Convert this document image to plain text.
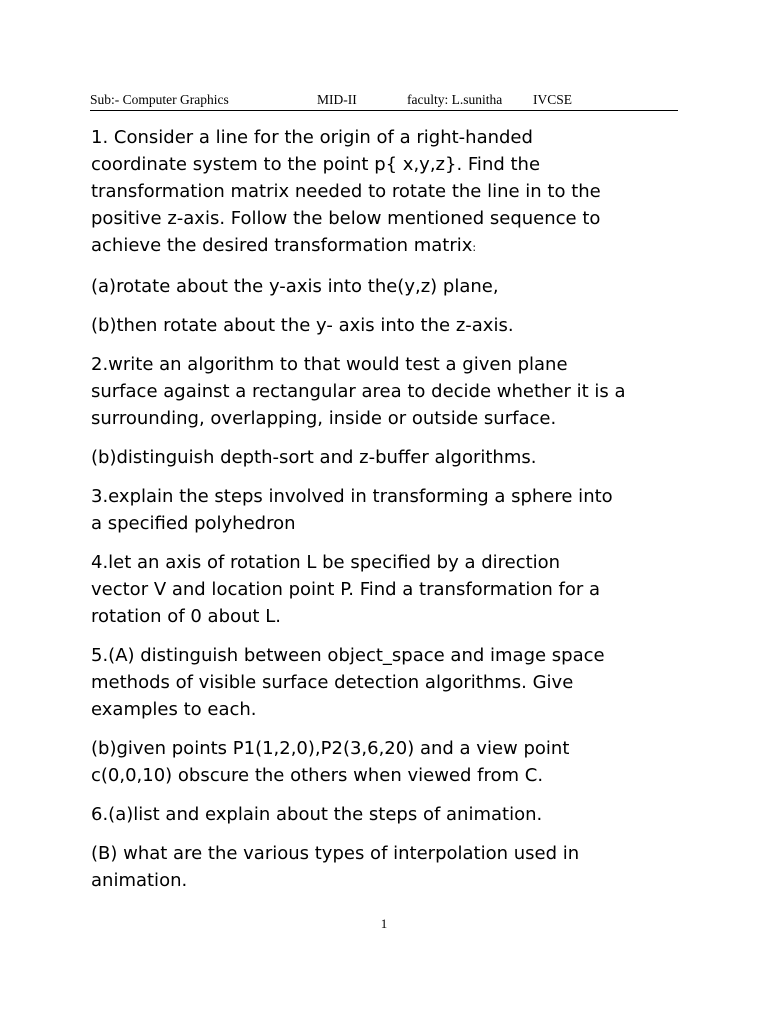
Sub:- Computer Graphics	MID-II	faculty: L.sunitha IVCSE

1. Consider a line for the origin of a right-handed
coordinate system to the point p{ x,y,z}. Find the
transformation matrix needed to rotate the line in to the
positive z-axis. Follow the below mentioned sequence to
achieve the desired transformation matrix:

(a)rotate about the y-axis into the(y,z) plane,

(b)then rotate about the y- axis into the z-axis.

2.write an algorithm to that would test a given plane
surface against a rectangular area to decide whether it is a
surrounding, overlapping, inside or outside surface.

(b)distinguish depth-sort and z-buffer algorithms.

3.explain the steps involved in transforming a sphere into
a specified polyhedron

4.let an axis of rotation L be specified by a direction
vector V and location point P. Find a transformation for a
rotation of 0 about L.

5.(A) distinguish between object_space and image space
methods of visible surface detection algorithms. Give
examples to each.

(b)given points P1(1,2,0),P2(3,6,20) and a view point
c(0,0,10) obscure the others when viewed from C.

6.(a)list and explain about the steps of animation.

(B) what are the various types of interpolation used in
animation.

1
